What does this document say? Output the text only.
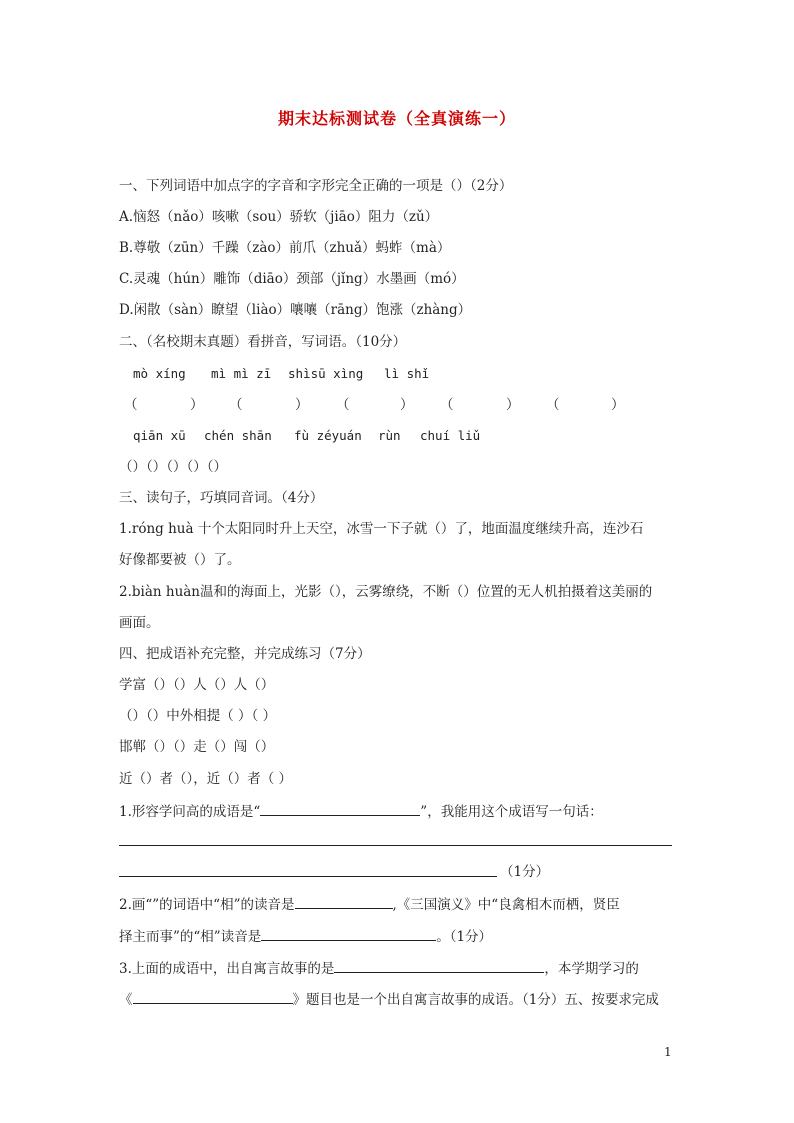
期末达标测试卷（全真演练一）
一、下列词语中加点字的字音和字形完全正确的一项是（）（2分）
A.恼怒（nǎo）咳嗽（sou）骄软（jiāo）阻力（zǔ）
B.尊敬（zūn）千躁（zào）前爪（zhuǎ）蚂蚱（mà）
C.灵魂（hún）雕饰（diāo）颈部（jǐng）水墨画（mó）
D.闲散（sàn）瞭望（liào）嚷嚷（rāng）饱涨（zhàng）
二、（名校期末真题）看拼音，写词语。（10分）
mò xíng mì mì zī shìsū xìng lì shǐ
（	） （	） （	） （	） （	）
qiān xū chén shān fù zéyuán rùn chuí liǔ
（）（）（）（）（）
三、读句子，巧填同音词。（4分）
1.róng huà 十个太阳同时升上天空，冰雪一下子就（）了，地面温度继续升高，连沙石
好像都要被（）了。
2.biàn huàn温和的海面上，光影（），云雾缭绕，不断（）位置的无人机拍摄着这美丽的
画面。
四、把成语补充完整，并完成练习（7分）
学富（）（）人（）人（）
（）（）中外相提（ ）（ ）
邯郸（）（）走（）闯（）
近（）者（），近（）者（ ）
1.形容学问高的成语是“	”，我能用这个成语写一句话：
（1分）
2.画“”的词语中“相”的读音是	,《三国演义》中“良禽相木而栖，贤臣
择主而事”的“相”读音是	。（1分）
3.上面的成语中，出自寓言故事的是	，本学期学习的
《	》题目也是一个出自寓言故事的成语。（1分）五、按要求完成
1
